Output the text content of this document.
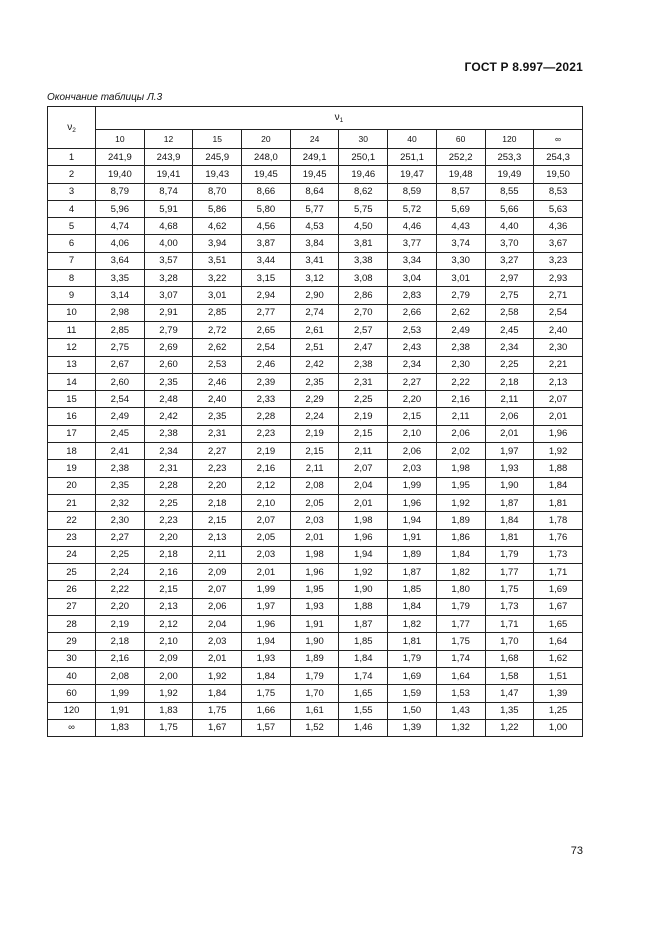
ГОСТ Р 8.997—2021
Окончание таблицы Л.3
$\nu_2$	$\nu_1$
	10	12	15	20	24	30	40	60	120	∞
1	241,9	243,9	245,9	248,0	249,1	250,1	251,1	252,2	253,3	254,3
2	19,40	19,41	19,43	19,45	19,45	19,46	19,47	19,48	19,49	19,50
3	8,79	8,74	8,70	8,66	8,64	8,62	8,59	8,57	8,55	8,53
4	5,96	5,91	5,86	5,80	5,77	5,75	5,72	5,69	5,66	5,63
5	4,74	4,68	4,62	4,56	4,53	4,50	4,46	4,43	4,40	4,36
6	4,06	4,00	3,94	3,87	3,84	3,81	3,77	3,74	3,70	3,67
7	3,64	3,57	3,51	3,44	3,41	3,38	3,34	3,30	3,27	3,23
8	3,35	3,28	3,22	3,15	3,12	3,08	3,04	3,01	2,97	2,93
9	3,14	3,07	3,01	2,94	2,90	2,86	2,83	2,79	2,75	2,71
10	2,98	2,91	2,85	2,77	2,74	2,70	2,66	2,62	2,58	2,54
11	2,85	2,79	2,72	2,65	2,61	2,57	2,53	2,49	2,45	2,40
12	2,75	2,69	2,62	2,54	2,51	2,47	2,43	2,38	2,34	2,30
13	2,67	2,60	2,53	2,46	2,42	2,38	2,34	2,30	2,25	2,21
14	2,60	2,35	2,46	2,39	2,35	2,31	2,27	2,22	2,18	2,13
15	2,54	2,48	2,40	2,33	2,29	2,25	2,20	2,16	2,11	2,07
16	2,49	2,42	2,35	2,28	2,24	2,19	2,15	2,11	2,06	2,01
17	2,45	2,38	2,31	2,23	2,19	2,15	2,10	2,06	2,01	1,96
18	2,41	2,34	2,27	2,19	2,15	2,11	2,06	2,02	1,97	1,92
19	2,38	2,31	2,23	2,16	2,11	2,07	2,03	1,98	1,93	1,88
20	2,35	2,28	2,20	2,12	2,08	2,04	1,99	1,95	1,90	1,84
21	2,32	2,25	2,18	2,10	2,05	2,01	1,96	1,92	1,87	1,81
22	2,30	2,23	2,15	2,07	2,03	1,98	1,94	1,89	1,84	1,78
23	2,27	2,20	2,13	2,05	2,01	1,96	1,91	1,86	1,81	1,76
24	2,25	2,18	2,11	2,03	1,98	1,94	1,89	1,84	1,79	1,73
25	2,24	2,16	2,09	2,01	1,96	1,92	1,87	1,82	1,77	1,71
26	2,22	2,15	2,07	1,99	1,95	1,90	1,85	1,80	1,75	1,69
27	2,20	2,13	2,06	1,97	1,93	1,88	1,84	1,79	1,73	1,67
28	2,19	2,12	2,04	1,96	1,91	1,87	1,82	1,77	1,71	1,65
29	2,18	2,10	2,03	1,94	1,90	1,85	1,81	1,75	1,70	1,64
30	2,16	2,09	2,01	1,93	1,89	1,84	1,79	1,74	1,68	1,62
40	2,08	2,00	1,92	1,84	1,79	1,74	1,69	1,64	1,58	1,51
60	1,99	1,92	1,84	1,75	1,70	1,65	1,59	1,53	1,47	1,39
120	1,91	1,83	1,75	1,66	1,61	1,55	1,50	1,43	1,35	1,25
∞	1,83	1,75	1,67	1,57	1,52	1,46	1,39	1,32	1,22	1,00
73
